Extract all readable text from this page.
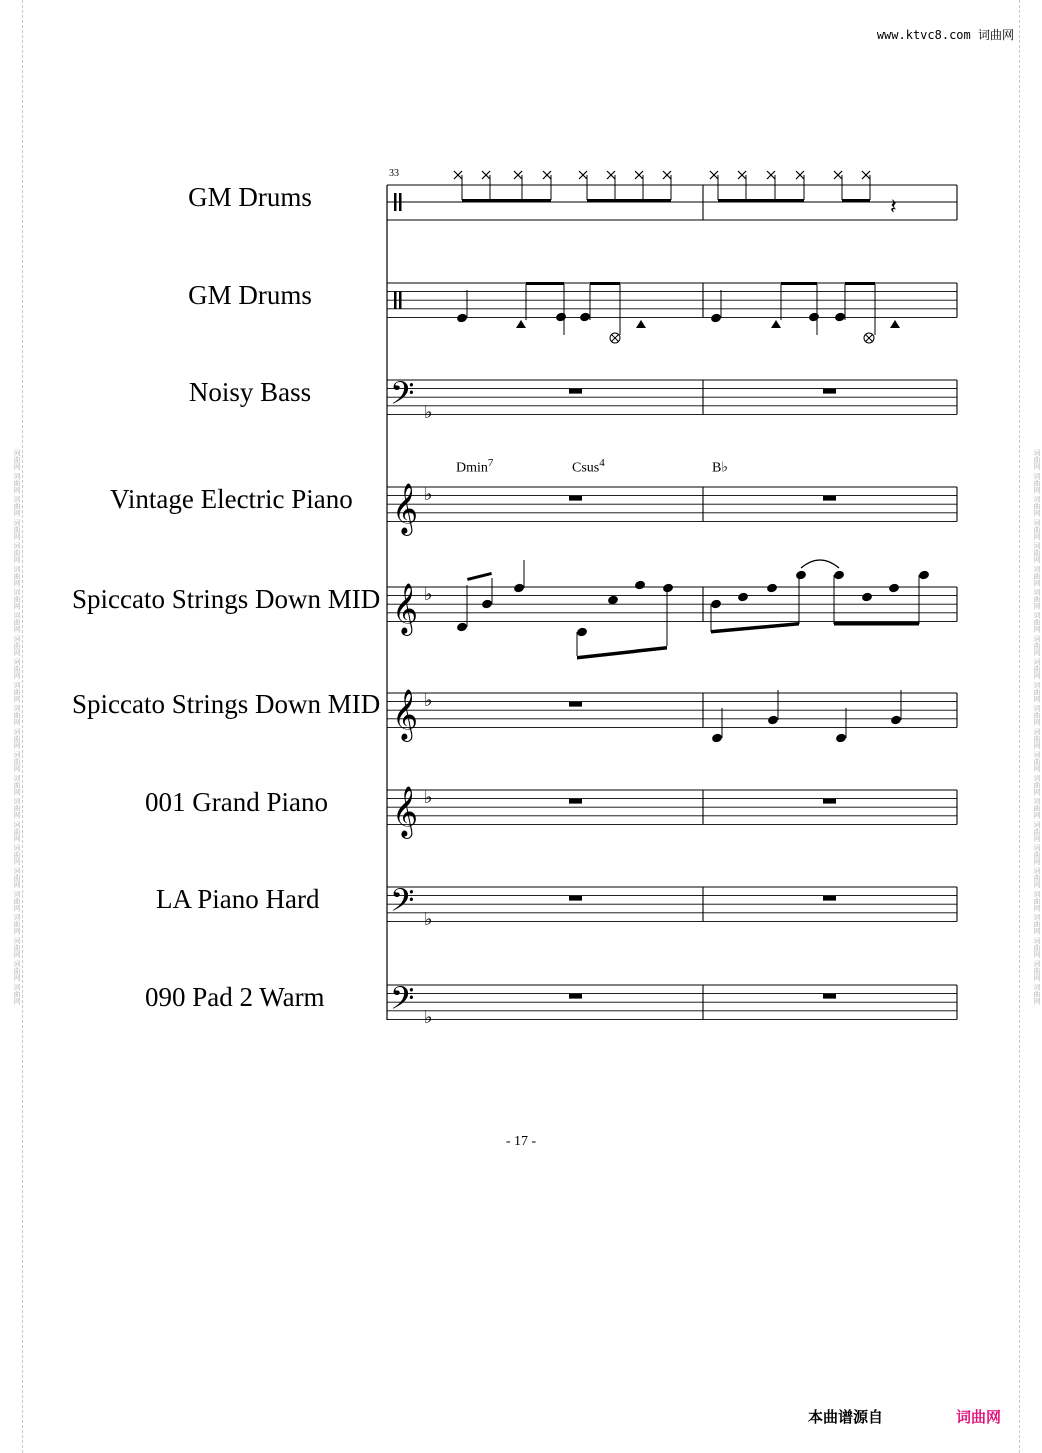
词曲网 词曲网 词曲网 词曲网 词曲网 词曲网 词曲网 词曲网 词曲网 词曲网 词曲网 词曲网 词曲网 词曲网 词曲网 词曲网 词曲网 词曲网 词曲网 词曲网 词曲网 词曲网 词曲网 词曲网	词曲网 词曲网 词曲网 词曲网 词曲网 词曲网 词曲网 词曲网 词曲网 词曲网 词曲网 词曲网 词曲网 词曲网 词曲网 词曲网 词曲网 词曲网 词曲网 词曲网 词曲网 词曲网 词曲网 词曲网
www.ktvc8.com 词曲网
GM Drums
GM Drums
Noisy Bass
Vintage Electric Piano
Spiccato Strings Down MID
Spiccato Strings Down MID
001 Grand Piano
LA Piano Hard
090 Pad 2 Warm
33
Dmin$^7$	Csus$^4$	B♭
𝄢 ♭
𝄞 ♭
𝄞 ♭
𝄞 ♭
𝄞 ♭
𝄢 ♭
𝄢 ♭
𝄽
- 17 -
本曲谱源自	词曲网
